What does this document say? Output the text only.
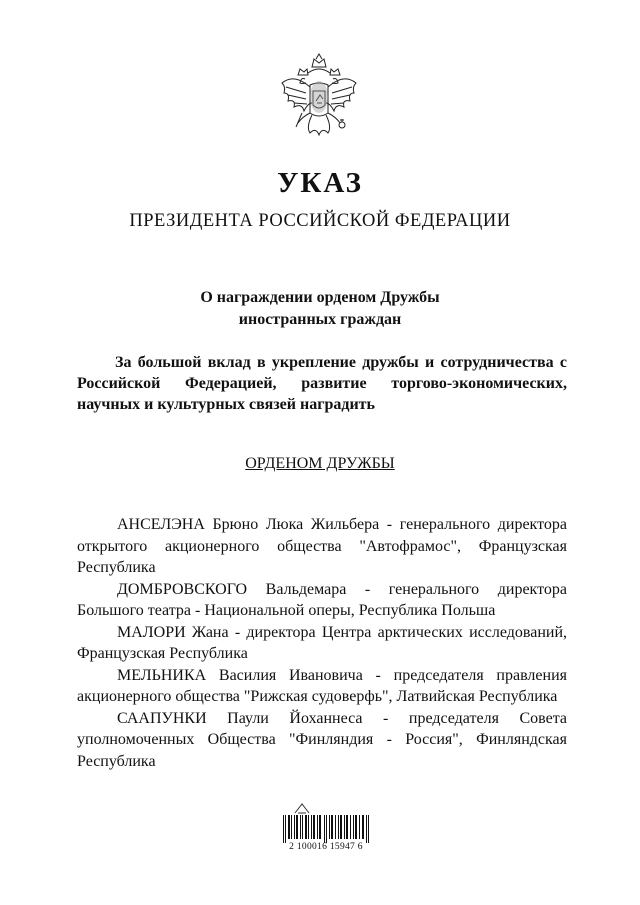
УКАЗ
ПРЕЗИДЕНТА РОССИЙСКОЙ ФЕДЕРАЦИИ
О награждении орденом Дружбы
иностранных граждан
За большой вклад в укрепление дружбы и сотрудничества с
Российской Федерацией, развитие торгово-экономических,
научных и культурных связей наградить
ОРДЕНОМ ДРУЖБЫ
АНСЕЛЭНА Брюно Люка Жильбера - генерального директора
открытого акционерного общества "Автофрамос", Французская
Республика
ДОМБРОВСКОГО Вальдемара - генерального директора
Большого театра - Национальной оперы, Республика Польша
МАЛОРИ Жана - директора Центра арктических исследований,
Французская Республика
МЕЛЬНИКА Василия Ивановича - председателя правления
акционерного общества "Рижская судоверфь", Латвийская Республика
СААПУНКИ Паули Йоханнеса - председателя Совета
уполномоченных Общества "Финляндия - Россия", Финляндская
Республика
2 100016 15947 6
